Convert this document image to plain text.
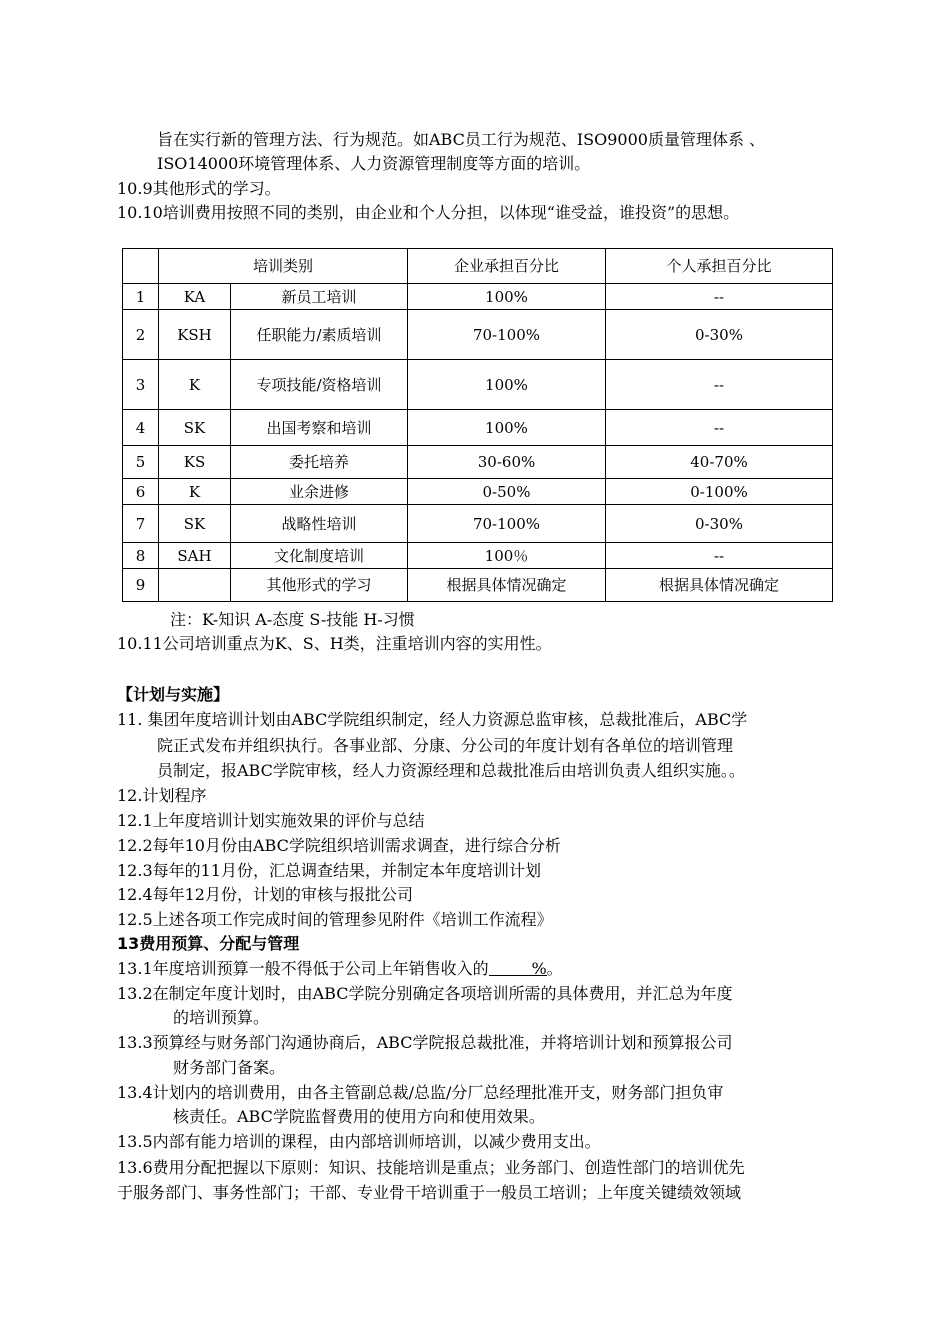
旨在实行新的管理方法、行为规范。如ABC员工行为规范、ISO9000质量管理体系 、
ISO14000环境管理体系、人力资源管理制度等方面的培训。
10.9其他形式的学习。
10.10培训费用按照不同的类别，由企业和个人分担，以体现“谁受益，谁投资”的思想。
	培训类别		企业承担百分比	个人承担百分比
1	KA	新员工培训	100%	--
2	KSH	任职能力/素质培训	70-100%	0-30%
3	K	专项技能/资格培训	100%	--
4	SK	出国考察和培训	100%	--
5	KS	委托培养	30-60%	40-70%
6	K	业余进修	0-50%	0-100%
7	SK	战略性培训	70-100%	0-30%
8	SAH	文化制度培训	100％	--
9		其他形式的学习	根据具体情况确定	根据具体情况确定
注：K-知识 A-态度 S-技能 H-习惯
10.11公司培训重点为K、S、H类，注重培训内容的实用性。
【计划与实施】
11. 集团年度培训计划由ABC学院组织制定，经人力资源总监审核，总裁批准后，ABC学
院正式发布并组织执行。各事业部、分康、分公司的年度计划有各单位的培训管理
员制定，报ABC学院审核，经人力资源经理和总裁批准后由培训负责人组织实施。。
12.计划程序
12.1上年度培训计划实施效果的评价与总结
12.2每年10月份由ABC学院组织培训需求调查，进行综合分析
12.3每年的11月份，汇总调查结果，并制定本年度培训计划
12.4每年12月份，计划的审核与报批公司
12.5上述各项工作完成时间的管理参见附件《培训工作流程》
13费用预算、分配与管理
13.1年度培训预算一般不得低于公司上年销售收入的	%。
13.2在制定年度计划时，由ABC学院分别确定各项培训所需的具体费用，并汇总为年度
的培训预算。
13.3预算经与财务部门沟通协商后，ABC学院报总裁批准，并将培训计划和预算报公司
财务部门备案。
13.4计划内的培训费用，由各主管副总裁/总监/分厂总经理批准开支，财务部门担负审
核责任。ABC学院监督费用的使用方向和使用效果。
13.5内部有能力培训的课程，由内部培训师培训，以减少费用支出。
13.6费用分配把握以下原则：知识、技能培训是重点；业务部门、创造性部门的培训优先
于服务部门、事务性部门；干部、专业骨干培训重于一般员工培训；上年度关键绩效领域
